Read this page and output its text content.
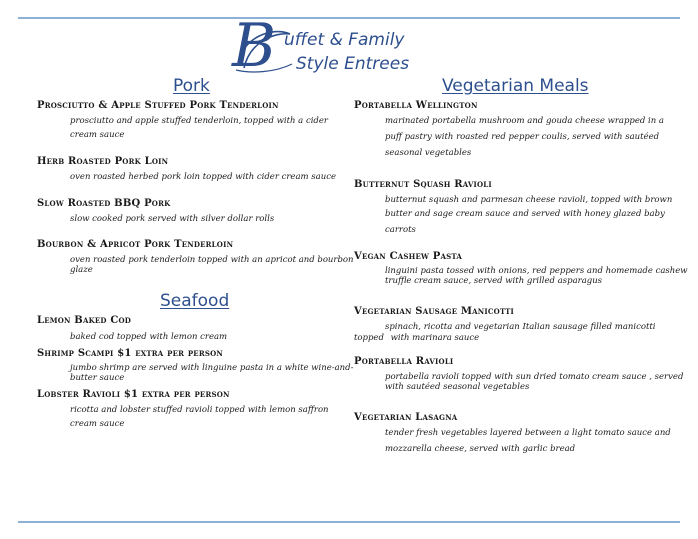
B uffet & Family
Style Entrees
Pork
Prosciutto & Apple Stuffed Pork Tenderloin
prosciutto and apple stuffed tenderloin, topped with a cider
cream sauce
Herb Roasted Pork Loin
oven roasted herbed pork loin topped with cider cream sauce
Slow Roasted BBQ Pork
slow cooked pork served with silver dollar rolls
Bourbon & Apricot Pork Tenderloin
oven roasted pork tenderloin topped with an apricot and bourbon
glaze
Seafood
Lemon Baked Cod
baked cod topped with lemon cream
Shrimp Scampi $1 extra per person
jumbo shrimp are served with linguine pasta in a white wine-and-
butter sauce
Lobster Ravioli $1 extra per person
ricotta and lobster stuffed ravioli topped with lemon saffron
cream sauce
Vegetarian Meals
Portabella Wellington
marinated portabella mushroom and gouda cheese wrapped in a
puff pastry with roasted red pepper coulis, served with sautéed
seasonal vegetables
Butternut Squash Ravioli
butternut squash and parmesan cheese ravioli, topped with brown
butter and sage cream sauce and served with honey glazed baby
carrots
Vegan Cashew Pasta
linguini pasta tossed with onions, red peppers and homemade cashew
truffle cream sauce, served with grilled asparagus
Vegetarian Sausage Manicotti
spinach, ricotta and vegetarian Italian sausage filled manicotti
topped with marinara sauce
Portabella Ravioli
portabella ravioli topped with sun dried tomato cream sauce , served
with sautéed seasonal vegetables
Vegetarian Lasagna
tender fresh vegetables layered between a light tomato sauce and
mozzarella cheese, served with garlic bread
